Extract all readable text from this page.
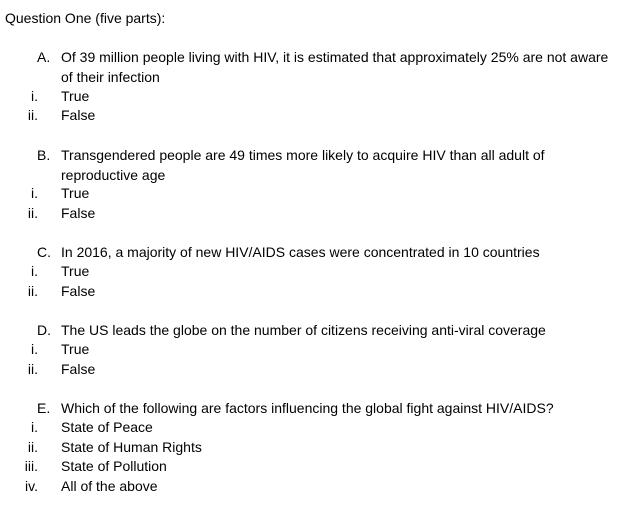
Question One (five parts):
A. Of 39 million people living with HIV, it is estimated that approximately 25% are not aware of their infection
i. True
ii. False
B. Transgendered people are 49 times more likely to acquire HIV than all adult of reproductive age
i. True
ii. False
C. In 2016, a majority of new HIV/AIDS cases were concentrated in 10 countries
i. True
ii. False
D. The US leads the globe on the number of citizens receiving anti-viral coverage
i. True
ii. False
E. Which of the following are factors influencing the global fight against HIV/AIDS?
i. State of Peace
ii. State of Human Rights
iii. State of Pollution
iv. All of the above
